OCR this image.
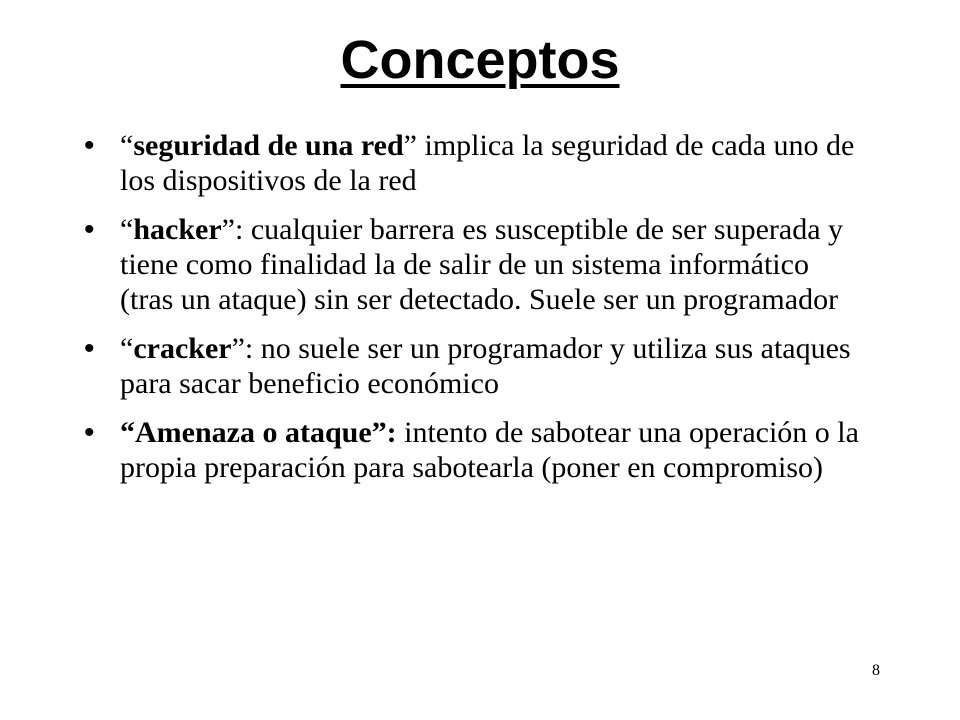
Conceptos
• “seguridad de una red” implica la seguridad de cada uno de los dispositivos de la red
• “hacker”: cualquier barrera es susceptible de ser superada y tiene como finalidad la de salir de un sistema informático (tras un ataque) sin ser detectado. Suele ser un programador
• “cracker”: no suele ser un programador y utiliza sus ataques para sacar beneficio económico
• “Amenaza o ataque”: intento de sabotear una operación o la propia preparación para sabotearla (poner en compromiso)
8
